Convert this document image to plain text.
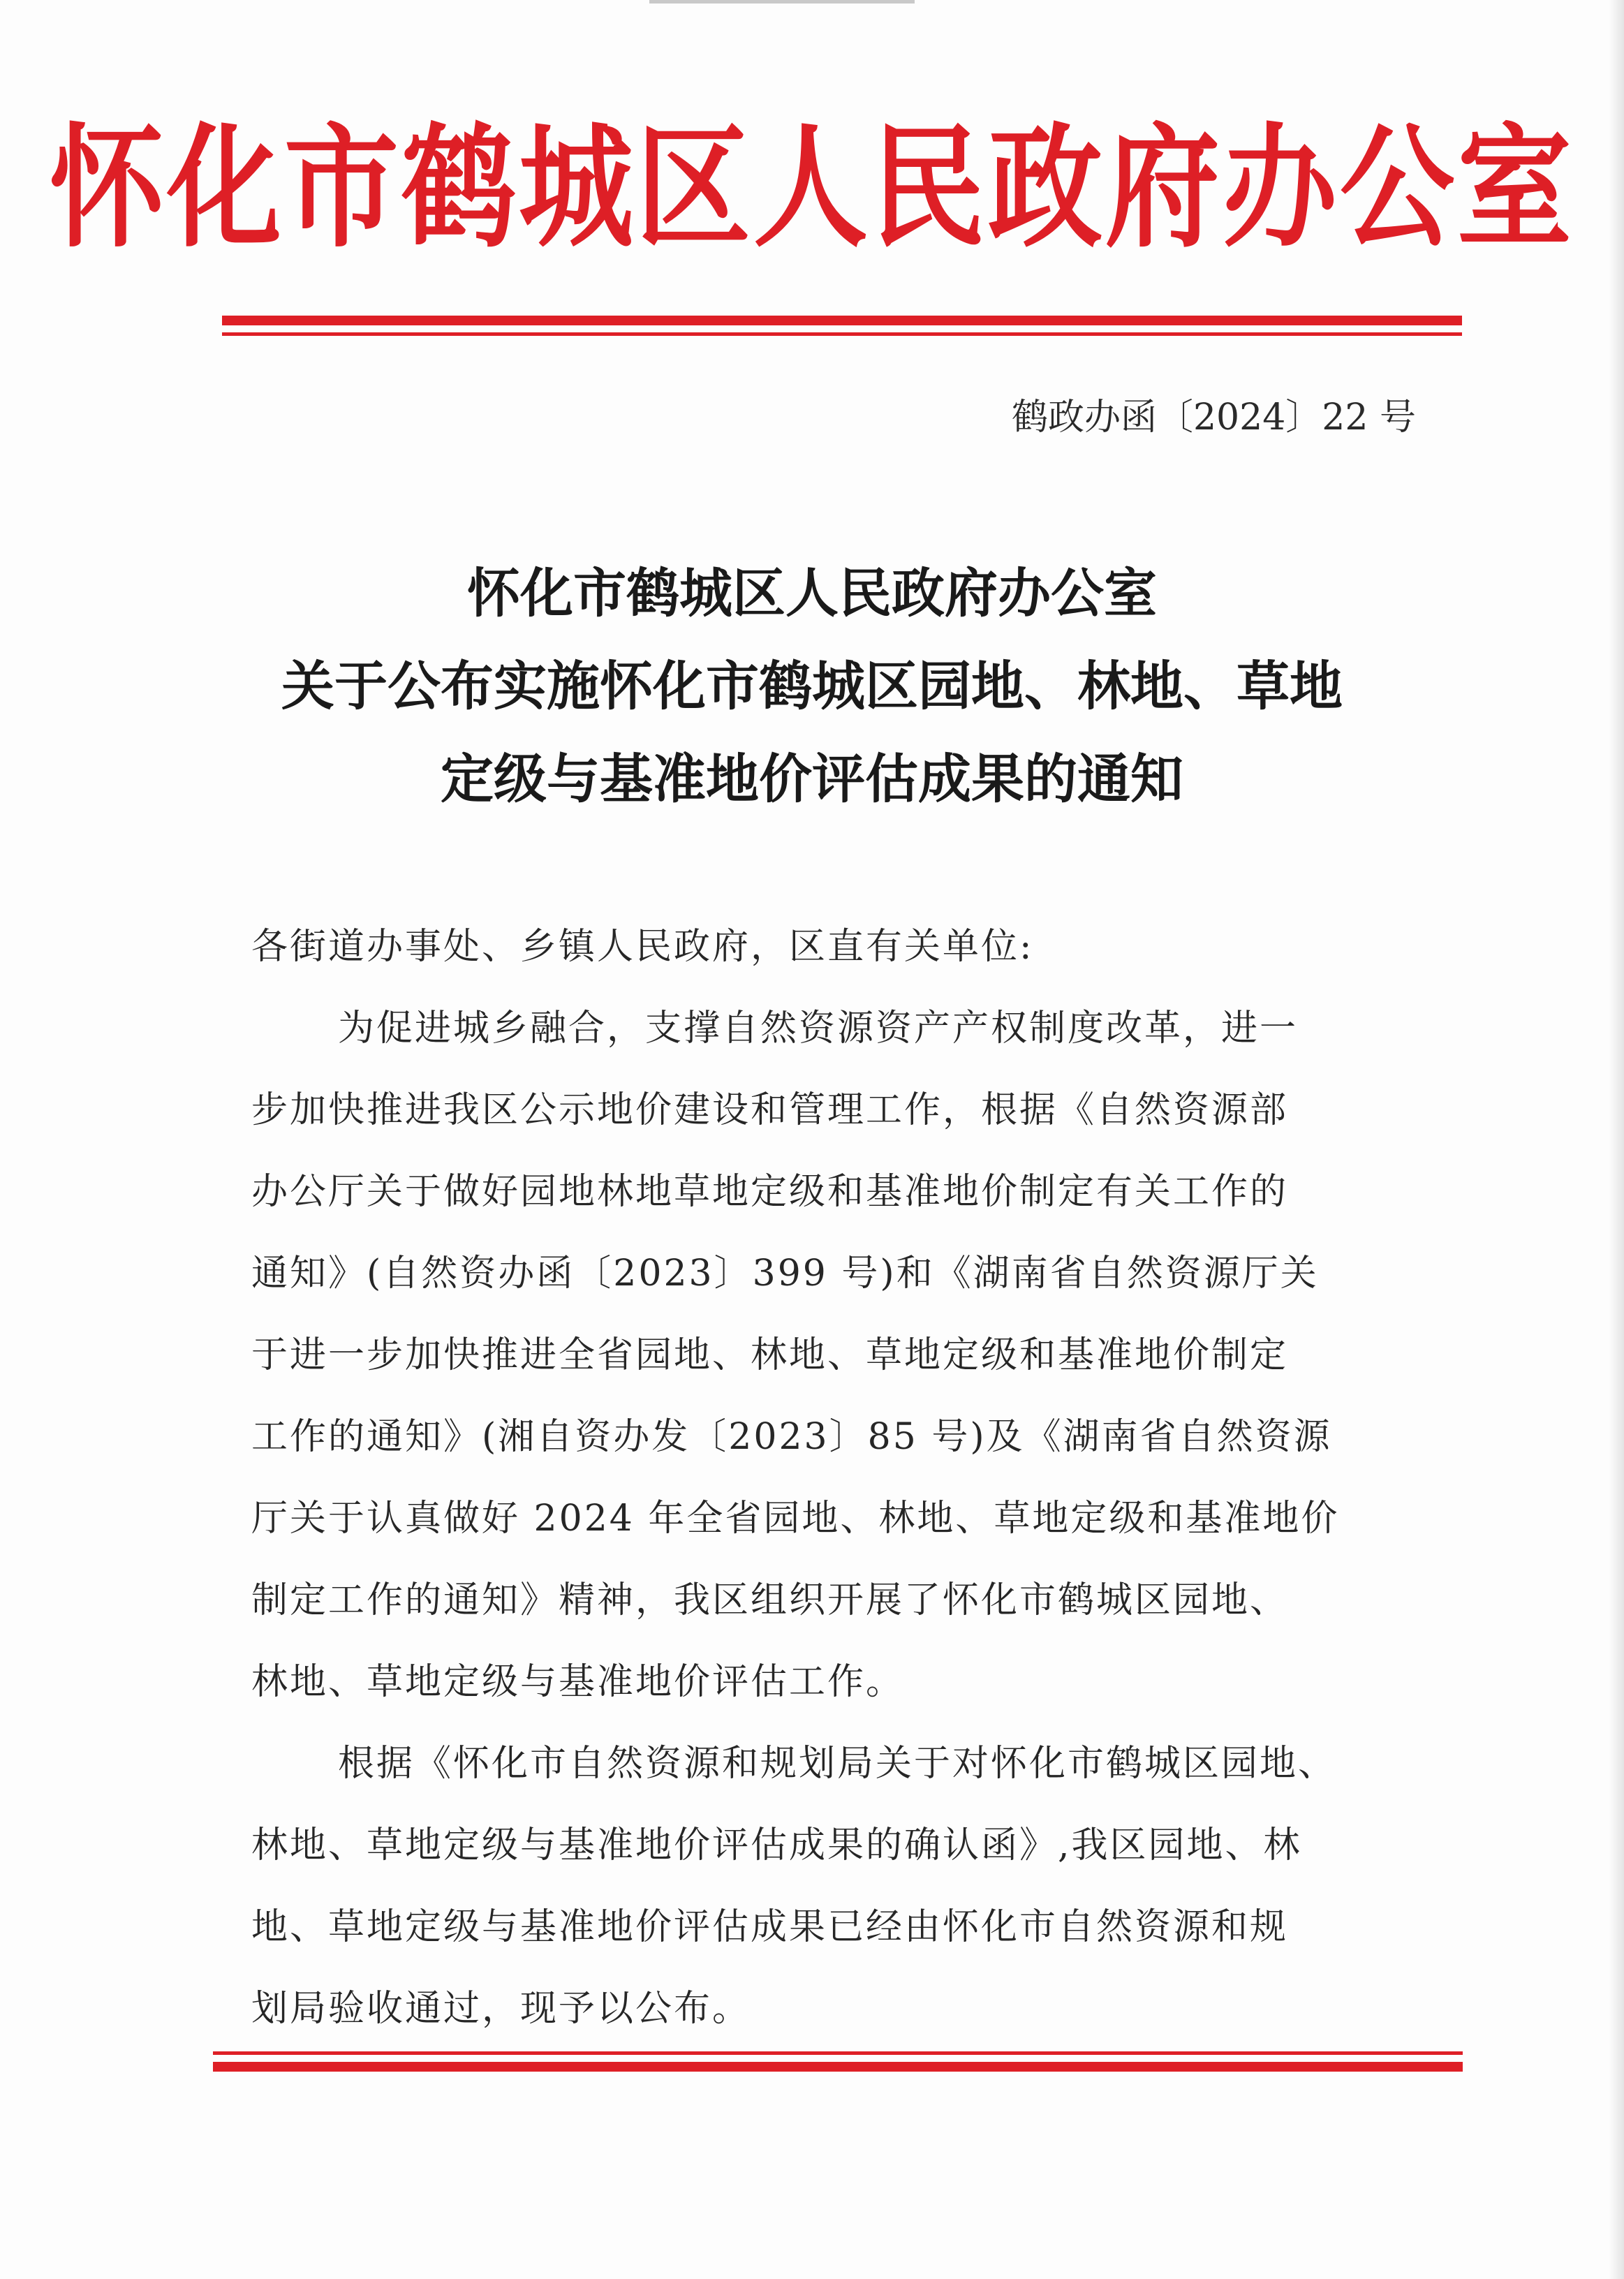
怀化市鹤城区人民政府办公室
鹤政办函〔2024〕22 号
怀化市鹤城区人民政府办公室
关于公布实施怀化市鹤城区园地、林地、草地
定级与基准地价评估成果的通知
各街道办事处、乡镇人民政府，区直有关单位:
为促进城乡融合，支撑自然资源资产产权制度改革，进一
步加快推进我区公示地价建设和管理工作，根据《自然资源部
办公厅关于做好园地林地草地定级和基准地价制定有关工作的
通知》(自然资办函〔2023〕399 号)和《湖南省自然资源厅关
于进一步加快推进全省园地、林地、草地定级和基准地价制定
工作的通知》(湘自资办发〔2023〕85 号)及《湖南省自然资源
厅关于认真做好 2024 年全省园地、林地、草地定级和基准地价
制定工作的通知》精神，我区组织开展了怀化市鹤城区园地、
林地、草地定级与基准地价评估工作。
根据《怀化市自然资源和规划局关于对怀化市鹤城区园地、
林地、草地定级与基准地价评估成果的确认函》,我区园地、林
地、草地定级与基准地价评估成果已经由怀化市自然资源和规
划局验收通过，现予以公布。
